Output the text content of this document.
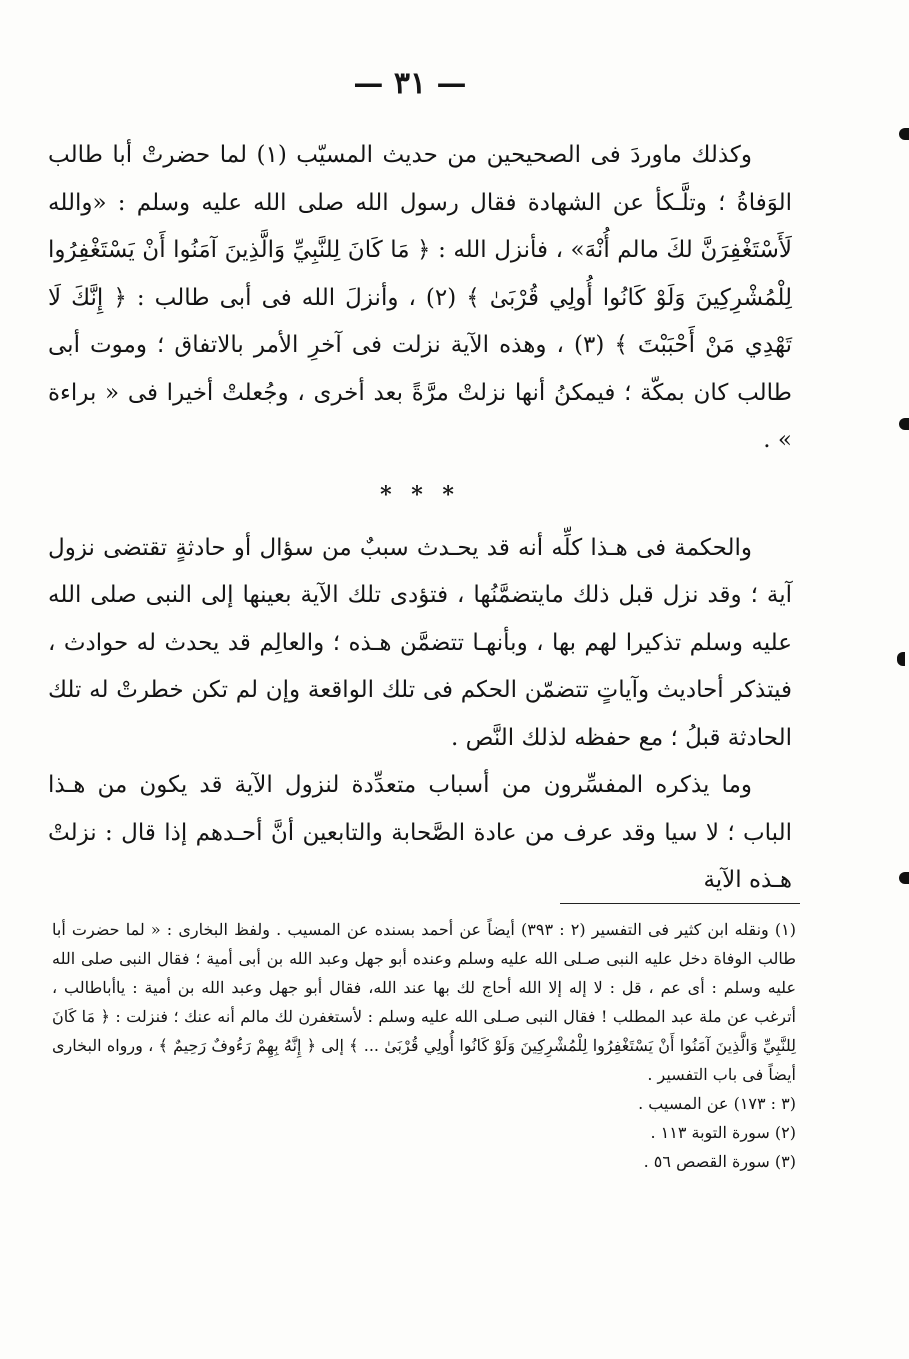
— ٣١ —

وكذلك ماوردَ فى الصحيحين من حديث المسيّب (١) لما حضرتْ أبا طالب الوَفاةُ ؛ وتلَّـكأ عن الشهادة فقال رسول الله صلى الله عليه وسلم : «والله لَأَسْتَغْفِرَنَّ لكَ مالم أُنْهَ» ، فأنزل الله : ﴿ مَا كَانَ لِلنَّبِيِّ وَالَّذِينَ آمَنُوا أَنْ يَسْتَغْفِرُوا لِلْمُشْرِكِينَ وَلَوْ كَانُوا أُولِي قُرْبَىٰ ﴾ (٢) ، وأنزلَ الله فى أبى طالب : ﴿ إِنَّكَ لَا تَهْدِي مَنْ أَحْبَبْتَ ﴾ (٣) ، وهذه الآية نزلت فى آخرِ الأمر بالاتفاق ؛ وموت أبى طالب كان بمكّة ؛ فيمكنُ أنها نزلتْ مرَّةً بعد أخرى ، وجُعلتْ أخيرا فى « براءة » .

* * *

والحكمة فى هـذا كلِّه أنه قد يحـدث سببٌ من سؤال أو حادثةٍ تقتضى نزول آية ؛ وقد نزل قبل ذلك مايتضمَّنُها ، فتؤدى تلك الآية بعينها إلى النبى صلى الله عليه وسلم تذكيرا لهم بها ، وبأنهـا تتضمَّن هـذه ؛ والعالِم قد يحدث له حوادث ، فيتذكر أحاديث وآياتٍ تتضمّن الحكم فى تلك الواقعة وإن لم تكن خطرتْ له تلك الحادثة قبلُ ؛ مع حفظه لذلك النَّص .

وما يذكره المفسِّرون من أسباب متعدِّدة لنزول الآية قد يكون من هـذا الباب ؛ لا سيا وقد عرف من عادة الصَّحابة والتابعين أنَّ أحـدهم إذا قال : نزلتْ هـذه الآية

(١) ونقله ابن كثير فى التفسير (٢ : ٣٩٣) أيضاً عن أحمد بسنده عن المسيب . ولفظ البخارى : « لما حضرت أبا طالب الوفاة دخل عليه النبى صـلى الله عليه وسلم وعنده أبو جهل وعبد الله بن أبى أمية ؛ فقال النبى صلى الله عليه وسلم : أى عم ، قل : لا إله إلا الله أحاج لك بها عند الله، فقال أبو جهل وعبد الله بن أمية : ياأباطالب ، أترغب عن ملة عبد المطلب ! فقال النبى صـلى الله عليه وسلم : لأستغفرن لك مالم أنه عنك ؛ فنزلت : ﴿ مَا كَانَ لِلنَّبِيِّ وَالَّذِينَ آمَنُوا أَنْ يَسْتَغْفِرُوا لِلْمُشْرِكِينَ وَلَوْ كَانُوا أُولِي قُرْبَىٰ ... ﴾ إلى ﴿ إِنَّهُ بِهِمْ رَءُوفٌ رَحِيمٌ ﴾ ، ورواه البخارى أيضاً فى باب التفسير .

(٣ : ١٧٣) عن المسيب .

(٢) سورة التوبة ١١٣ .

(٣) سورة القصص ٥٦ .
